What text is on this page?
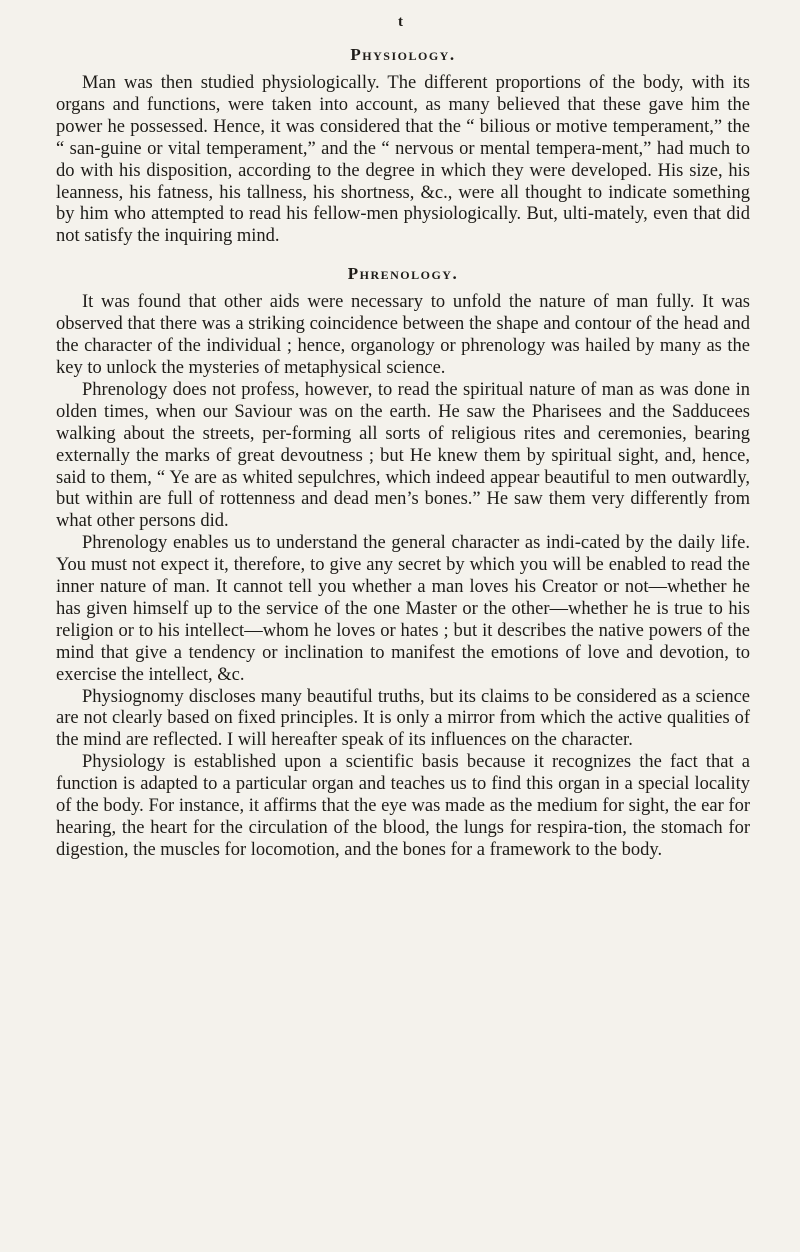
t
Physiology.

Man was then studied physiologically. The different proportions of the body, with its organs and functions, were taken into account, as many believed that these gave him the power he possessed. Hence, it was considered that the “ bilious or motive temperament,” the “ san-guine or vital temperament,” and the “ nervous or mental tempera-ment,” had much to do with his disposition, according to the degree in which they were developed. His size, his leanness, his fatness, his tallness, his shortness, &c., were all thought to indicate something by him who attempted to read his fellow-men physiologically. But, ulti-mately, even that did not satisfy the inquiring mind.

Phrenology.

It was found that other aids were necessary to unfold the nature of man fully. It was observed that there was a striking coincidence between the shape and contour of the head and the character of the individual ; hence, organology or phrenology was hailed by many as the key to unlock the mysteries of metaphysical science.

Phrenology does not profess, however, to read the spiritual nature of man as was done in olden times, when our Saviour was on the earth. He saw the Pharisees and the Sadducees walking about the streets, per-forming all sorts of religious rites and ceremonies, bearing externally the marks of great devoutness ; but He knew them by spiritual sight, and, hence, said to them, “ Ye are as whited sepulchres, which indeed appear beautiful to men outwardly, but within are full of rottenness and dead men’s bones.” He saw them very differently from what other persons did.

Phrenology enables us to understand the general character as indi-cated by the daily life. You must not expect it, therefore, to give any secret by which you will be enabled to read the inner nature of man. It cannot tell you whether a man loves his Creator or not—whether he has given himself up to the service of the one Master or the other—whether he is true to his religion or to his intellect—whom he loves or hates ; but it describes the native powers of the mind that give a tendency or inclination to manifest the emotions of love and devotion, to exercise the intellect, &c.

Physiognomy discloses many beautiful truths, but its claims to be considered as a science are not clearly based on fixed principles. It is only a mirror from which the active qualities of the mind are reflected. I will hereafter speak of its influences on the character.

Physiology is established upon a scientific basis because it recognizes the fact that a function is adapted to a particular organ and teaches us to find this organ in a special locality of the body. For instance, it affirms that the eye was made as the medium for sight, the ear for hearing, the heart for the circulation of the blood, the lungs for respira-tion, the stomach for digestion, the muscles for locomotion, and the bones for a framework to the body.
